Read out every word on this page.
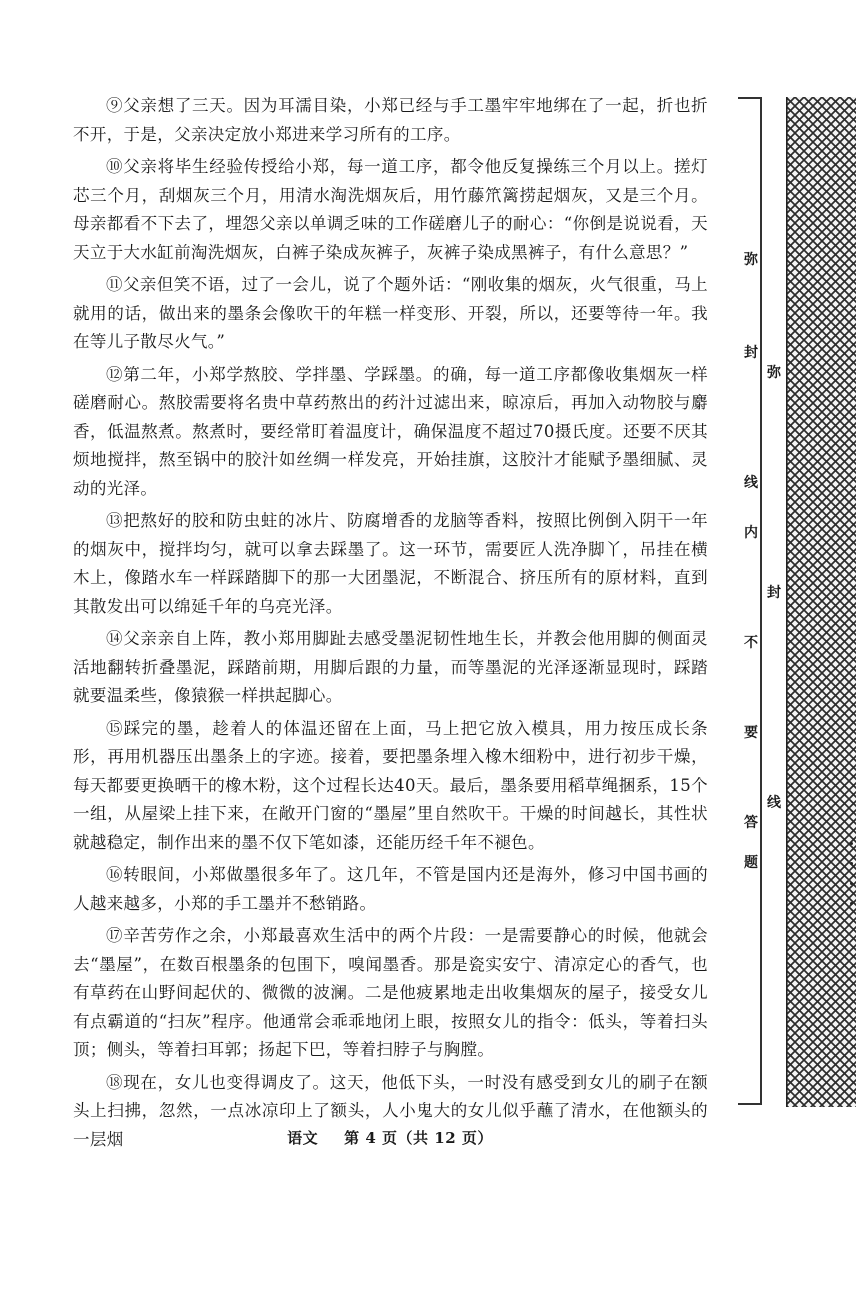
⑨父亲想了三天。因为耳濡目染，小郑已经与手工墨牢牢地绑在了一起，折也折不开，于是，父亲决定放小郑进来学习所有的工序。

⑩父亲将毕生经验传授给小郑，每一道工序，都令他反复操练三个月以上。搓灯芯三个月，刮烟灰三个月，用清水淘洗烟灰后，用竹藤笊篱捞起烟灰，又是三个月。母亲都看不下去了，埋怨父亲以单调乏味的工作磋磨儿子的耐心：“你倒是说说看，天天立于大水缸前淘洗烟灰，白裤子染成灰裤子，灰裤子染成黑裤子，有什么意思？”

⑪父亲但笑不语，过了一会儿，说了个题外话：“刚收集的烟灰，火气很重，马上就用的话，做出来的墨条会像吹干的年糕一样变形、开裂，所以，还要等待一年。我在等儿子散尽火气。”

⑫第二年，小郑学熬胶、学拌墨、学踩墨。的确，每一道工序都像收集烟灰一样磋磨耐心。熬胶需要将名贵中草药熬出的药汁过滤出来，晾凉后，再加入动物胶与麝香，低温熬煮。熬煮时，要经常盯着温度计，确保温度不超过70摄氏度。还要不厌其烦地搅拌，熬至锅中的胶汁如丝绸一样发亮，开始挂旗，这胶汁才能赋予墨细腻、灵动的光泽。

⑬把熬好的胶和防虫蛀的冰片、防腐增香的龙脑等香料，按照比例倒入阴干一年的烟灰中，搅拌均匀，就可以拿去踩墨了。这一环节，需要匠人洗净脚丫，吊挂在横木上，像踏水车一样踩踏脚下的那一大团墨泥，不断混合、挤压所有的原材料，直到其散发出可以绵延千年的乌亮光泽。

⑭父亲亲自上阵，教小郑用脚趾去感受墨泥韧性地生长，并教会他用脚的侧面灵活地翻转折叠墨泥，踩踏前期，用脚后跟的力量，而等墨泥的光泽逐渐显现时，踩踏就要温柔些，像猿猴一样拱起脚心。

⑮踩完的墨，趁着人的体温还留在上面，马上把它放入模具，用力按压成长条形，再用机器压出墨条上的字迹。接着，要把墨条埋入橡木细粉中，进行初步干燥，每天都要更换晒干的橡木粉，这个过程长达40天。最后，墨条要用稻草绳捆系，15个一组，从屋梁上挂下来，在敞开门窗的“墨屋”里自然吹干。干燥的时间越长，其性状就越稳定，制作出来的墨不仅下笔如漆，还能历经千年不褪色。

⑯转眼间，小郑做墨很多年了。这几年，不管是国内还是海外，修习中国书画的人越来越多，小郑的手工墨并不愁销路。

⑰辛苦劳作之余，小郑最喜欢生活中的两个片段：一是需要静心的时候，他就会去“墨屋”，在数百根墨条的包围下，嗅闻墨香。那是瓷实安宁、清凉定心的香气，也有草药在山野间起伏的、微微的波澜。二是他疲累地走出收集烟灰的屋子，接受女儿有点霸道的“扫灰”程序。他通常会乖乖地闭上眼，按照女儿的指令：低头，等着扫头顶；侧头，等着扫耳郭；扬起下巴，等着扫脖子与胸膛。

⑱现在，女儿也变得调皮了。这天，他低下头，一时没有感受到女儿的刷子在额头上扫拂，忽然，一点冰凉印上了额头，人小鬼大的女儿似乎蘸了清水，在他额头的一层烟	语文 第 4 页（共 12 页）
弥
封
线
内
不
要
答
题
弥
封
线
